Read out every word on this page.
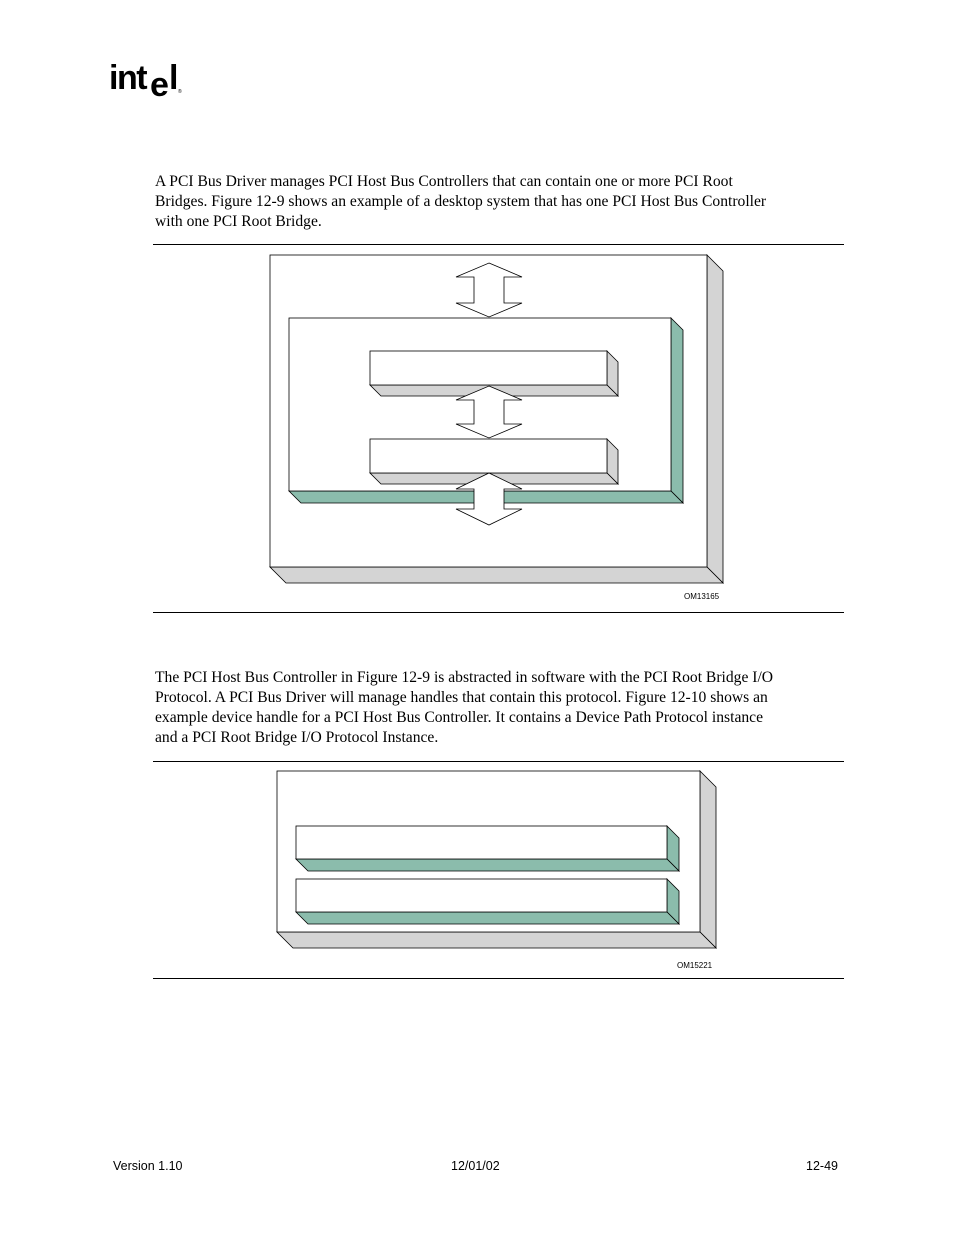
int e l ®
A PCI Bus Driver manages PCI Host Bus Controllers that can contain one or more PCI Root
Bridges. Figure 12-9 shows an example of a desktop system that has one PCI Host Bus Controller
with one PCI Root Bridge.
OM13165
The PCI Host Bus Controller in Figure 12-9 is abstracted in software with the PCI Root Bridge I/O
Protocol. A PCI Bus Driver will manage handles that contain this protocol. Figure 12-10 shows an
example device handle for a PCI Host Bus Controller. It contains a Device Path Protocol instance
and a PCI Root Bridge I/O Protocol Instance.
OM15221
Version 1.10	12/01/02	12-49
